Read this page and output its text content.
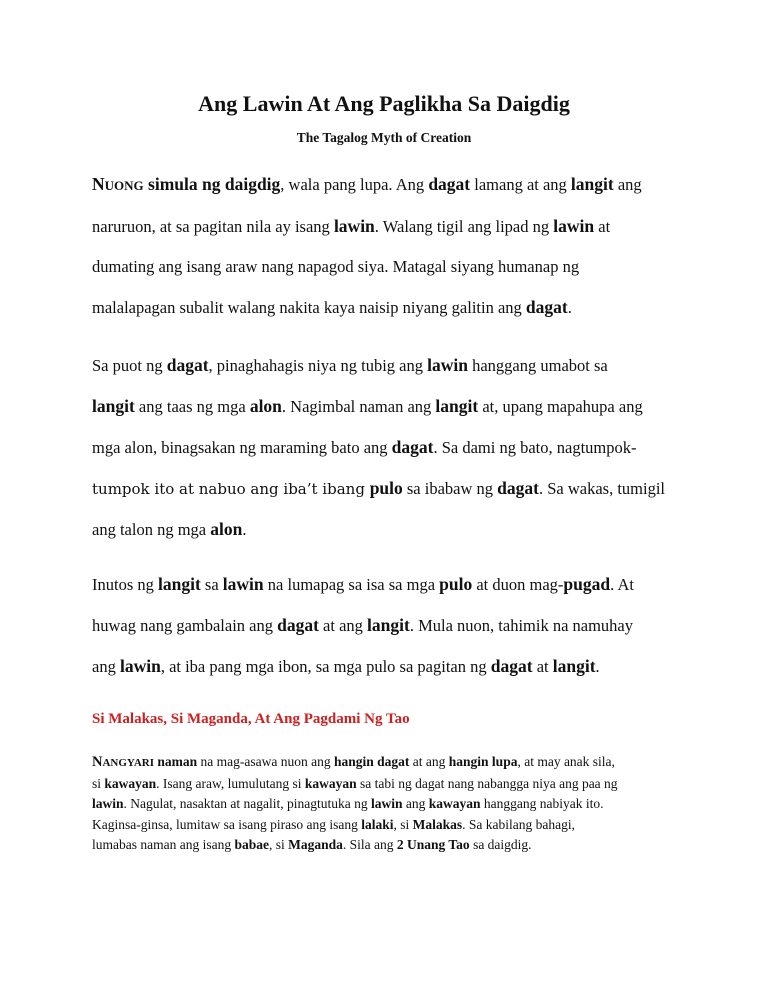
Ang Lawin At Ang Paglikha Sa Daigdig
The Tagalog Myth of Creation
NUONG simula ng daigdig, wala pang lupa. Ang dagat lamang at ang langit ang
naruruon, at sa pagitan nila ay isang lawin. Walang tigil ang lipad ng lawin at
dumating ang isang araw nang napagod siya. Matagal siyang humanap ng
malalapagan subalit walang nakita kaya naisip niyang galitin ang dagat.
Sa puot ng dagat, pinaghahagis niya ng tubig ang lawin hanggang umabot sa
langit ang taas ng mga alon. Nagimbal naman ang langit at, upang mapahupa ang
mga alon, binagsakan ng maraming bato ang dagat. Sa dami ng bato, nagtumpok-
tumpok ito at nabuo ang iba’t ibang pulo sa ibabaw ng dagat. Sa wakas, tumigil
ang talon ng mga alon.
Inutos ng langit sa lawin na lumapag sa isa sa mga pulo at duon mag-pugad. At
huwag nang gambalain ang dagat at ang langit. Mula nuon, tahimik na namuhay
ang lawin, at iba pang mga ibon, sa mga pulo sa pagitan ng dagat at langit.
Si Malakas, Si Maganda, At Ang Pagdami Ng Tao
NANGYARI naman na mag-asawa nuon ang hangin dagat at ang hangin lupa, at may anak sila,
si kawayan. Isang araw, lumulutang si kawayan sa tabi ng dagat nang nabangga niya ang paa ng
lawin. Nagulat, nasaktan at nagalit, pinagtutuka ng lawin ang kawayan hanggang nabiyak ito.
Kaginsa-ginsa, lumitaw sa isang piraso ang isang lalaki, si Malakas. Sa kabilang bahagi,
lumabas naman ang isang babae, si Maganda. Sila ang 2 Unang Tao sa daigdig.
